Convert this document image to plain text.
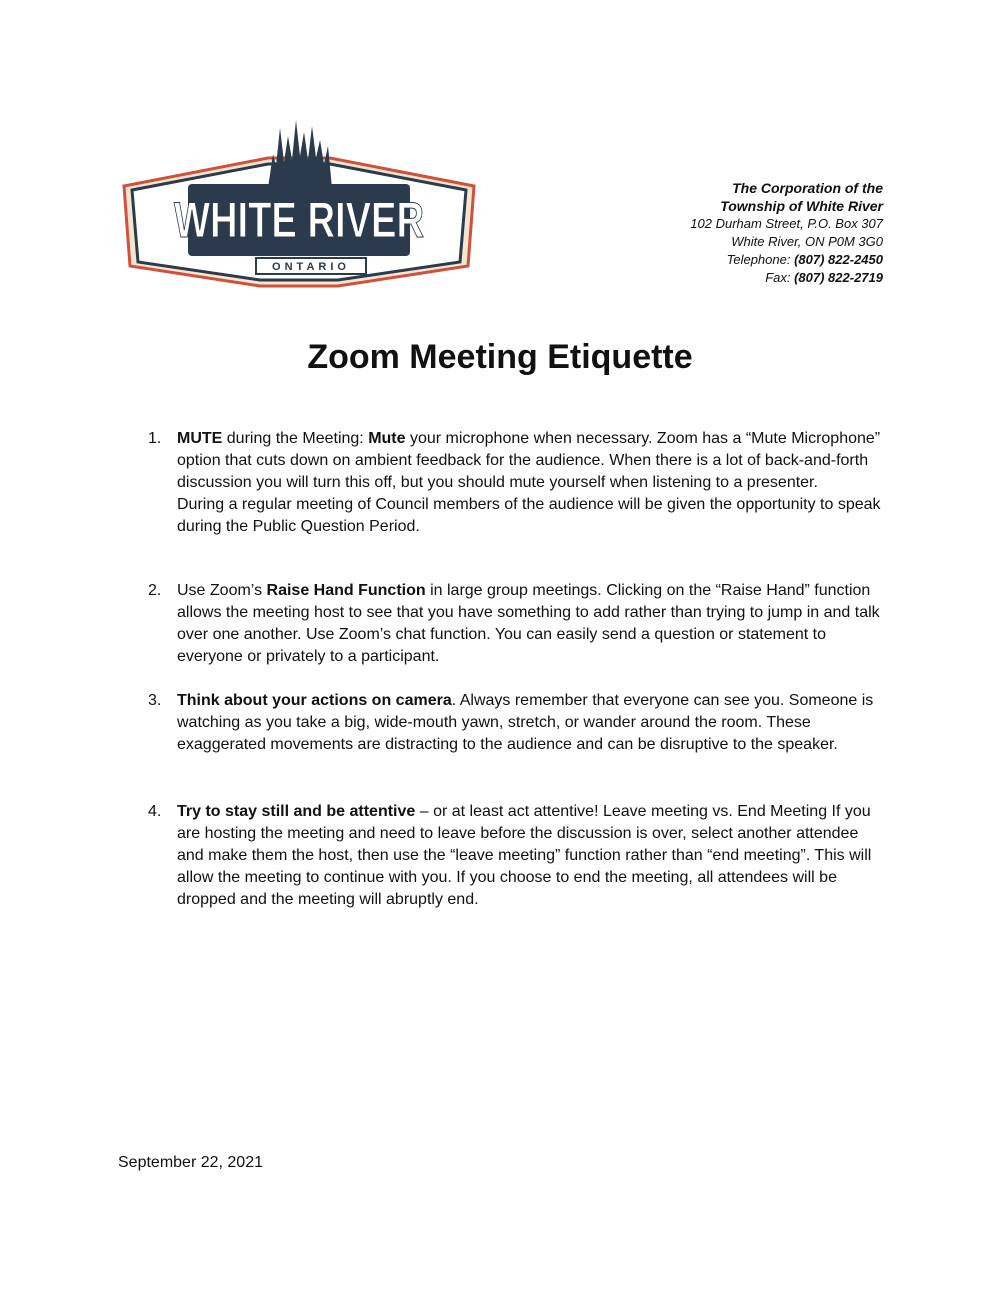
WHITE RIVER
ONTARIO
The Corporation of the
Township of White River
102 Durham Street, P.O. Box 307
White River, ON P0M 3G0
Telephone: (807) 822-2450
Fax: (807) 822-2719
Zoom Meeting Etiquette
1. MUTE during the Meeting: Mute your microphone when necessary. Zoom has a “Mute Microphone” option that cuts down on ambient feedback for the audience. When there is a lot of back-and-forth discussion you will turn this off, but you should mute yourself when listening to a presenter.

During a regular meeting of Council members of the audience will be given the opportunity to speak during the Public Question Period.

2. Use Zoom’s Raise Hand Function in large group meetings. Clicking on the “Raise Hand” function allows the meeting host to see that you have something to add rather than trying to jump in and talk over one another. Use Zoom’s chat function. You can easily send a question or statement to everyone or privately to a participant.

3. Think about your actions on camera. Always remember that everyone can see you. Someone is watching as you take a big, wide-mouth yawn, stretch, or wander around the room. These exaggerated movements are distracting to the audience and can be disruptive to the speaker.

4. Try to stay still and be attentive – or at least act attentive! Leave meeting vs. End Meeting If you are hosting the meeting and need to leave before the discussion is over, select another attendee and make them the host, then use the “leave meeting” function rather than “end meeting”. This will allow the meeting to continue with you. If you choose to end the meeting, all attendees will be dropped and the meeting will abruptly end.

September 22, 2021
